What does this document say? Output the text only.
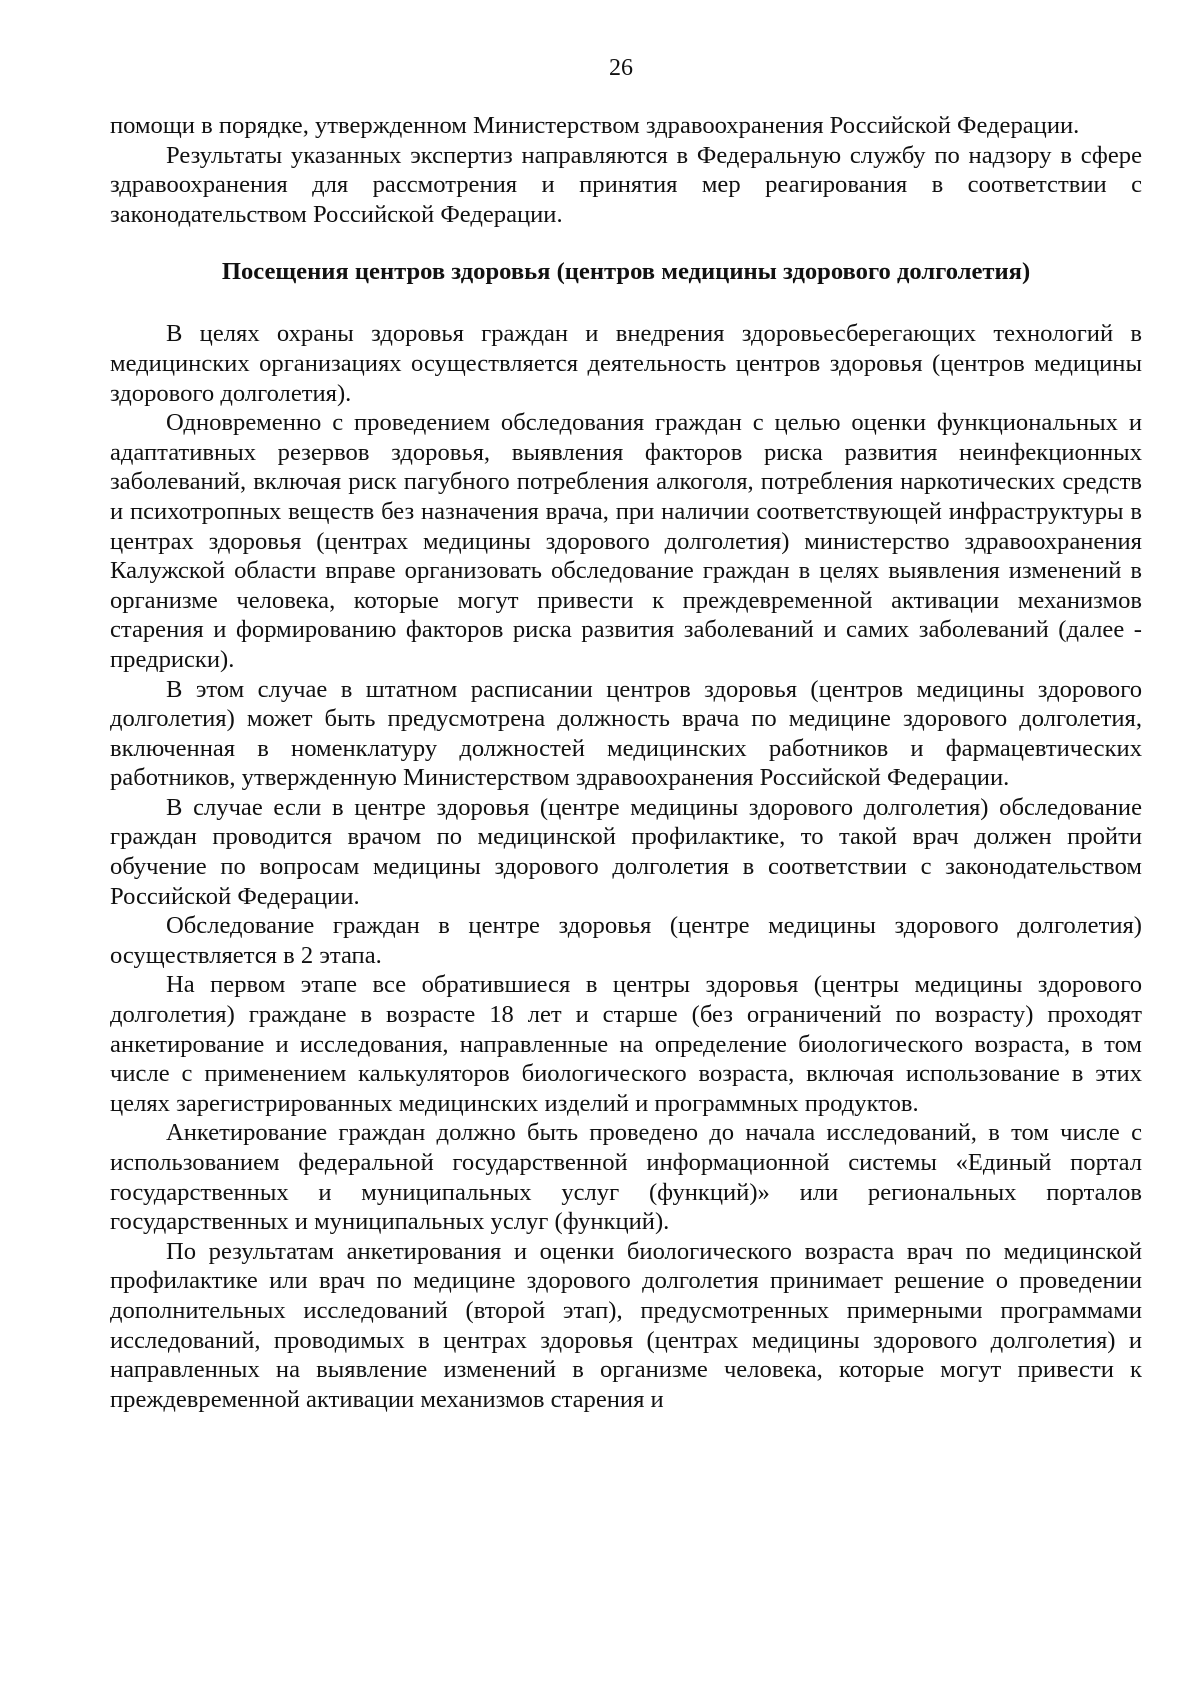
26

помощи в порядке, утвержденном Министерством здравоохранения Российской Федерации.

Результаты указанных экспертиз направляются в Федеральную службу по надзору в сфере здравоохранения для рассмотрения и принятия мер реагирования в соответствии с законодательством Российской Федерации.

Посещения центров здоровья (центров медицины здорового долголетия)

В целях охраны здоровья граждан и внедрения здоровьесберегающих технологий в медицинских организациях осуществляется деятельность центров здоровья (центров медицины здорового долголетия).

Одновременно с проведением обследования граждан с целью оценки функциональных и адаптативных резервов здоровья, выявления факторов риска развития неинфекционных заболеваний, включая риск пагубного потребления алкоголя, потребления наркотических средств и психотропных веществ без назначения врача, при наличии соответствующей инфраструктуры в центрах здоровья (центрах медицины здорового долголетия) министерство здравоохранения Калужской области вправе организовать обследование граждан в целях выявления изменений в организме человека, которые могут привести к преждевременной активации механизмов старения и формированию факторов риска развития заболеваний и самих заболеваний (далее - предриски).

В этом случае в штатном расписании центров здоровья (центров медицины здорового долголетия) может быть предусмотрена должность врача по медицине здорового долголетия, включенная в номенклатуру должностей медицинских работников и фармацевтических работников, утвержденную Министерством здравоохранения Российской Федерации.

В случае если в центре здоровья (центре медицины здорового долголетия) обследование граждан проводится врачом по медицинской профилактике, то такой врач должен пройти обучение по вопросам медицины здорового долголетия в соответствии с законодательством Российской Федерации.

Обследование граждан в центре здоровья (центре медицины здорового долголетия) осуществляется в 2 этапа.

На первом этапе все обратившиеся в центры здоровья (центры медицины здорового долголетия) граждане в возрасте 18 лет и старше (без ограничений по возрасту) проходят анкетирование и исследования, направленные на определение биологического возраста, в том числе с применением калькуляторов биологического возраста, включая использование в этих целях зарегистрированных медицинских изделий и программных продуктов.

Анкетирование граждан должно быть проведено до начала исследований, в том числе с использованием федеральной государственной информационной системы «Единый портал государственных и муниципальных услуг (функций)» или региональных порталов государственных и муниципальных услуг (функций).

По результатам анкетирования и оценки биологического возраста врач по медицинской профилактике или врач по медицине здорового долголетия принимает решение о проведении дополнительных исследований (второй этап), предусмотренных примерными программами исследований, проводимых в центрах здоровья (центрах медицины здорового долголетия) и направленных на выявление изменений в организме человека, которые могут привести к преждевременной активации механизмов старения и
